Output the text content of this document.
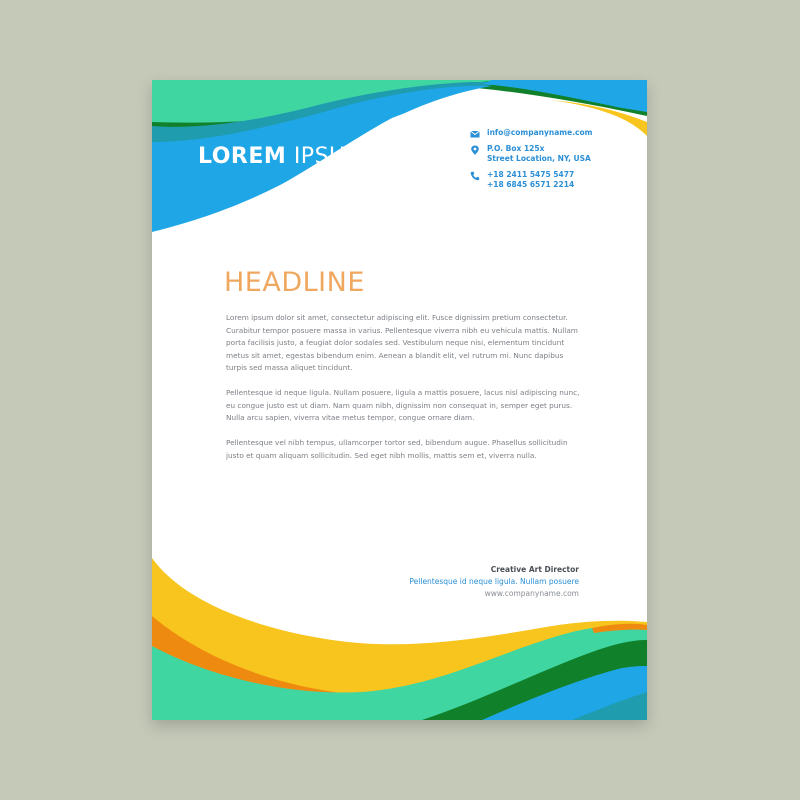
LOREM IPSUM
info@companyname.com
P.O. Box 125x
Street Location, NY, USA
+18 2411 5475 5477
+18 6845 6571 2214
HEADLINE

Lorem ipsum dolor sit amet, consectetur adipiscing elit. Fusce dignissim pretium consectetur. Curabitur tempor posuere massa in varius. Pellentesque viverra nibh eu vehicula mattis. Nullam porta facilisis justo, a feugiat dolor sodales sed. Vestibulum neque nisi, elementum tincidunt metus sit amet, egestas bibendum enim. Aenean a blandit elit, vel rutrum mi. Nunc dapibus turpis sed massa aliquet tincidunt.

Pellentesque id neque ligula. Nullam posuere, ligula a mattis posuere, lacus nisl adipiscing nunc, eu congue justo est ut diam. Nam quam nibh, dignissim non consequat in, semper eget purus. Nulla arcu sapien, viverra vitae metus tempor, congue ornare diam.

Pellentesque vel nibh tempus, ullamcorper tortor sed, bibendum augue. Phasellus sollicitudin justo et quam aliquam sollicitudin. Sed eget nibh mollis, mattis sem et, viverra nulla.

Creative Art Director
Pellentesque id neque ligula. Nullam posuere
www.companyname.com
